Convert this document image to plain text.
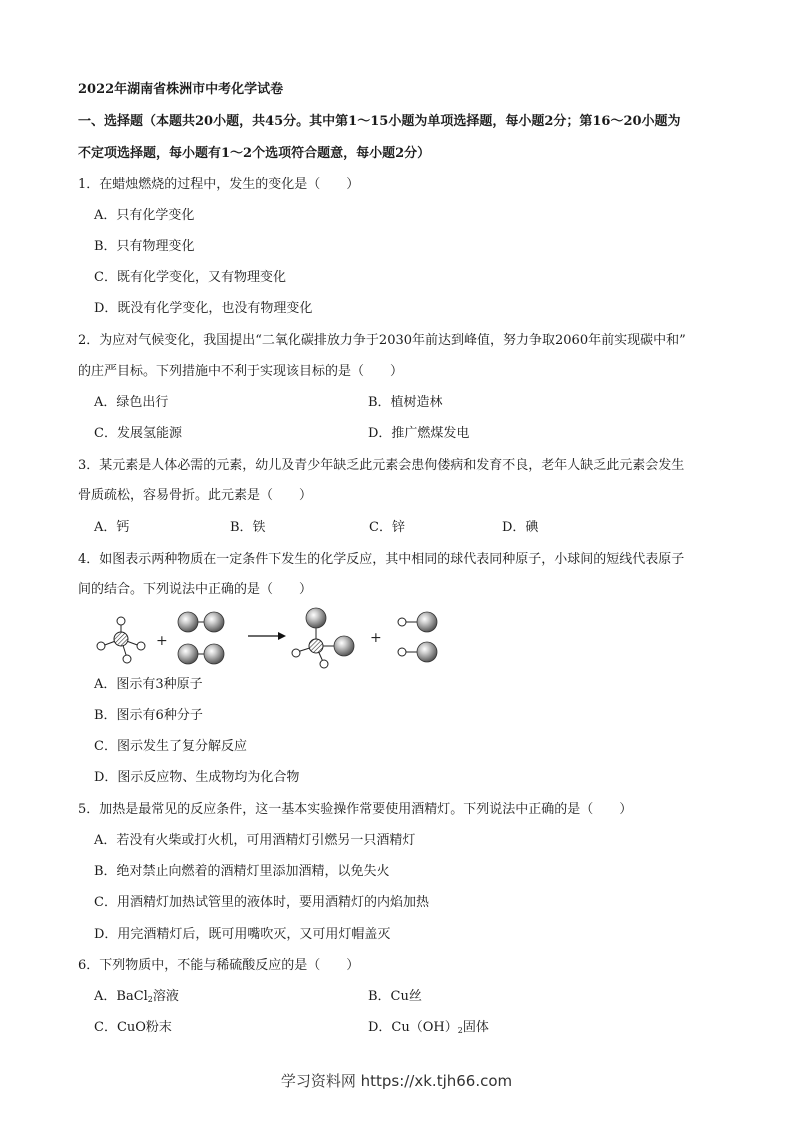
2022年湖南省株洲市中考化学试卷
一、选择题（本题共20小题，共45分。其中第1～15小题为单项选择题，每小题2分；第16～20小题为
不定项选择题，每小题有1～2个选项符合题意，每小题2分）
1．在蜡烛燃烧的过程中，发生的变化是（　　）
A．只有化学变化
B．只有物理变化
C．既有化学变化，又有物理变化
D．既没有化学变化，也没有物理变化
2．为应对气候变化，我国提出“二氧化碳排放力争于2030年前达到峰值，努力争取2060年前实现碳中和”
的庄严目标。下列措施中不利于实现该目标的是（　　）
A．绿色出行	B．植树造林
C．发展氢能源	D．推广燃煤发电
3．某元素是人体必需的元素，幼儿及青少年缺乏此元素会患佝偻病和发育不良，老年人缺乏此元素会发生
骨质疏松，容易骨折。此元素是（　　）
A．钙	B．铁	C．锌	D．碘
4．如图表示两种物质在一定条件下发生的化学反应，其中相同的球代表同种原子，小球间的短线代表原子
间的结合。下列说法中正确的是（　　）
+	+
A．图示有3种原子
B．图示有6种分子
C．图示发生了复分解反应
D．图示反应物、生成物均为化合物
5．加热是最常见的反应条件，这一基本实验操作常要使用酒精灯。下列说法中正确的是（　　）
A．若没有火柴或打火机，可用酒精灯引燃另一只酒精灯
B．绝对禁止向燃着的酒精灯里添加酒精，以免失火
C．用酒精灯加热试管里的液体时，要用酒精灯的内焰加热
D．用完酒精灯后，既可用嘴吹灭，又可用灯帽盖灭
6．下列物质中，不能与稀硫酸反应的是（　　）
A．BaCl$_2$溶液	B．Cu丝
C．CuO粉末	D．$Cu(OH)_2$固体
学习资料网 https://xk.tjh66.com
